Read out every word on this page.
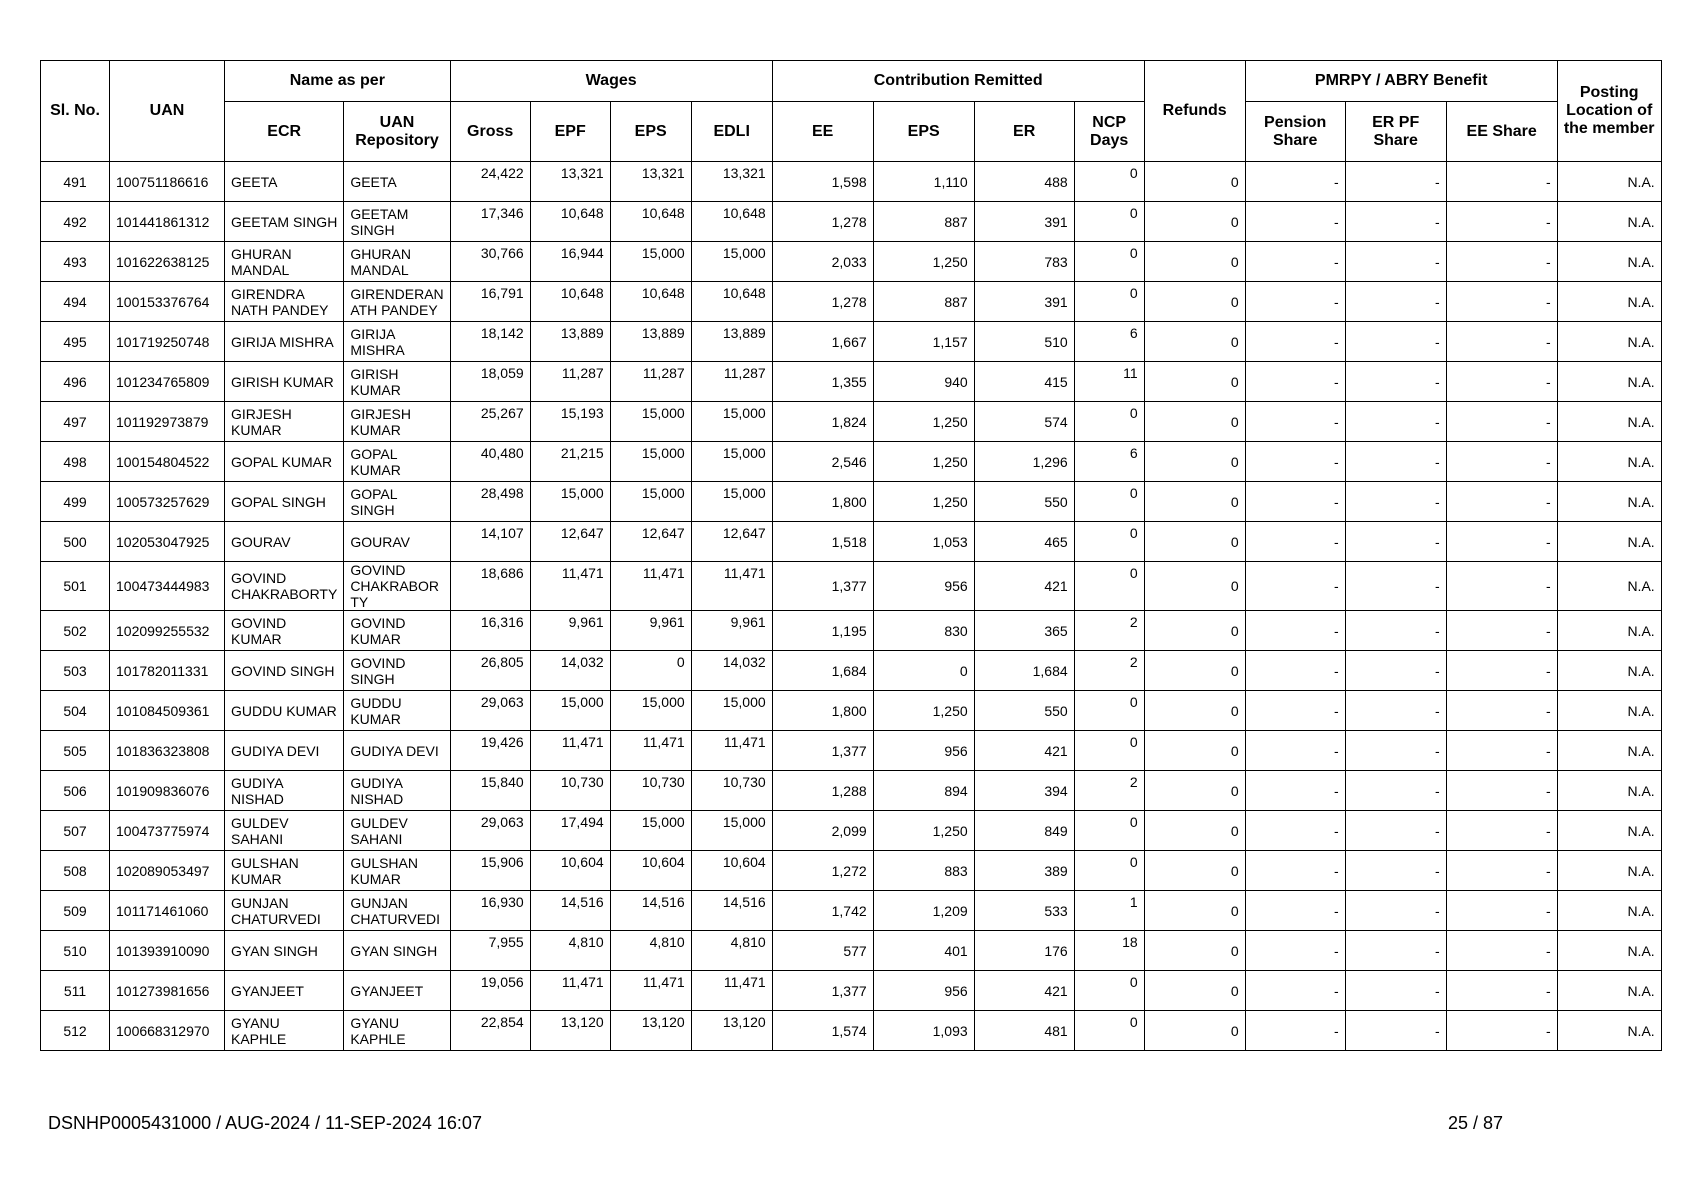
Sl. No.	UAN	Name as per		Wages				Contribution Remitted				Refunds	PMRPY / ABRY Benefit			Posting Location of the member
		ECR	UAN Repository	Gross	EPF	EPS	EDLI	EE	EPS	ER	NCP Days		Pension Share	ER PF Share	EE Share	
491	100751186616	GEETA	GEETA	24,422	13,321	13,321	13,321	1,598	1,110	488	0	0	-	-	-	N.A.
492	101441861312	GEETAM SINGH	GEETAM SINGH	17,346	10,648	10,648	10,648	1,278	887	391	0	0	-	-	-	N.A.
493	101622638125	GHURAN MANDAL	GHURAN MANDAL	30,766	16,944	15,000	15,000	2,033	1,250	783	0	0	-	-	-	N.A.
494	100153376764	GIRENDRA NATH PANDEY	GIRENDERAN ATH PANDEY	16,791	10,648	10,648	10,648	1,278	887	391	0	0	-	-	-	N.A.
495	101719250748	GIRIJA MISHRA	GIRIJA MISHRA	18,142	13,889	13,889	13,889	1,667	1,157	510	6	0	-	-	-	N.A.
496	101234765809	GIRISH KUMAR	GIRISH KUMAR	18,059	11,287	11,287	11,287	1,355	940	415	11	0	-	-	-	N.A.
497	101192973879	GIRJESH KUMAR	GIRJESH KUMAR	25,267	15,193	15,000	15,000	1,824	1,250	574	0	0	-	-	-	N.A.
498	100154804522	GOPAL KUMAR	GOPAL KUMAR	40,480	21,215	15,000	15,000	2,546	1,250	1,296	6	0	-	-	-	N.A.
499	100573257629	GOPAL SINGH	GOPAL SINGH	28,498	15,000	15,000	15,000	1,800	1,250	550	0	0	-	-	-	N.A.
500	102053047925	GOURAV	GOURAV	14,107	12,647	12,647	12,647	1,518	1,053	465	0	0	-	-	-	N.A.
501	100473444983	GOVIND CHAKRABORTY	GOVIND CHAKRABOR TY	18,686	11,471	11,471	11,471	1,377	956	421	0	0	-	-	-	N.A.
502	102099255532	GOVIND KUMAR	GOVIND KUMAR	16,316	9,961	9,961	9,961	1,195	830	365	2	0	-	-	-	N.A.
503	101782011331	GOVIND SINGH	GOVIND SINGH	26,805	14,032	0	14,032	1,684	0	1,684	2	0	-	-	-	N.A.
504	101084509361	GUDDU KUMAR	GUDDU KUMAR	29,063	15,000	15,000	15,000	1,800	1,250	550	0	0	-	-	-	N.A.
505	101836323808	GUDIYA DEVI	GUDIYA DEVI	19,426	11,471	11,471	11,471	1,377	956	421	0	0	-	-	-	N.A.
506	101909836076	GUDIYA NISHAD	GUDIYA NISHAD	15,840	10,730	10,730	10,730	1,288	894	394	2	0	-	-	-	N.A.
507	100473775974	GULDEV SAHANI	GULDEV SAHANI	29,063	17,494	15,000	15,000	2,099	1,250	849	0	0	-	-	-	N.A.
508	102089053497	GULSHAN KUMAR	GULSHAN KUMAR	15,906	10,604	10,604	10,604	1,272	883	389	0	0	-	-	-	N.A.
509	101171461060	GUNJAN CHATURVEDI	GUNJAN CHATURVEDI	16,930	14,516	14,516	14,516	1,742	1,209	533	1	0	-	-	-	N.A.
510	101393910090	GYAN SINGH	GYAN SINGH	7,955	4,810	4,810	4,810	577	401	176	18	0	-	-	-	N.A.
511	101273981656	GYANJEET	GYANJEET	19,056	11,471	11,471	11,471	1,377	956	421	0	0	-	-	-	N.A.
512	100668312970	GYANU KAPHLE	GYANU KAPHLE	22,854	13,120	13,120	13,120	1,574	1,093	481	0	0	-	-	-	N.A.
DSNHP0005431000 / AUG-2024 / 11-SEP-2024 16:07	25 / 87
